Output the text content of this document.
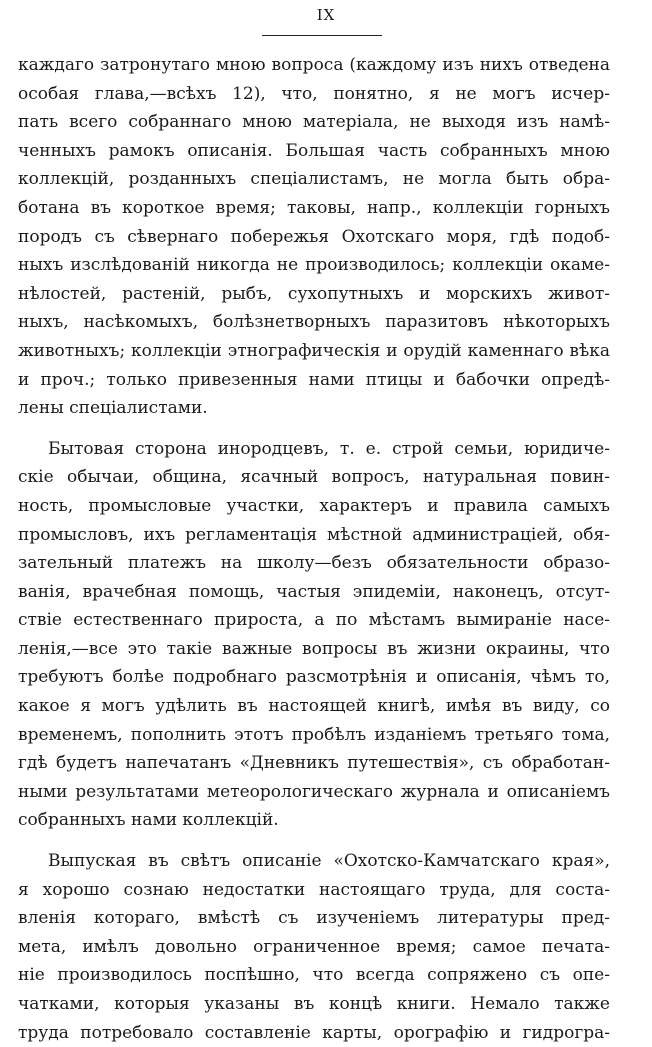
IX
каждаго затронутаго мною вопроса (каждому изъ нихъ отведена
особая глава,—всѣхъ 12), что, понятно, я не могъ исчер-
пать всего собраннаго мною матеріала, не выходя изъ намѣ-
ченныхъ рамокъ описанія. Большая часть собранныхъ мною
коллекцій, розданныхъ спеціалистамъ, не могла быть обра-
ботана въ короткое время; таковы, напр., коллекціи горныхъ
породъ съ сѣвернаго побережья Охотскаго моря, гдѣ подоб-
ныхъ изслѣдованій никогда не производилось; коллекціи окаме-
нѣлостей, растеній, рыбъ, сухопутныхъ и морскихъ живот-
ныхъ, насѣкомыхъ, болѣзнетворныхъ паразитовъ нѣкоторыхъ
животныхъ; коллекціи этнографическія и орудій каменнаго вѣка
и проч.; только привезенныя нами птицы и бабочки опредѣ-
лены спеціалистами.
Бытовая сторона инородцевъ, т. е. строй семьи, юридиче-
скіе обычаи, община, ясачный вопросъ, натуральная повин-
ность, промысловые участки, характеръ и правила самыхъ
промысловъ, ихъ регламентація мѣстной администраціей, обя-
зательный платежъ на школу—безъ обязательности образо-
ванія, врачебная помощь, частыя эпидеміи, наконецъ, отсут-
ствіе естественнаго прироста, а по мѣстамъ вымираніе насе-
ленія,—все это такіе важные вопросы въ жизни окраины, что
требуютъ болѣе подробнаго разсмотрѣнія и описанія, чѣмъ то,
какое я могъ удѣлить въ настоящей книгѣ, имѣя въ виду, со
временемъ, пополнить этотъ пробѣлъ изданіемъ третьяго тома,
гдѣ будетъ напечатанъ «Дневникъ путешествія», съ обработан-
ными результатами метеорологическаго журнала и описаніемъ
собранныхъ нами коллекцій.
Выпуская въ свѣтъ описаніе «Охотско-Камчатскаго края»,
я хорошо сознаю недостатки настоящаго труда, для соста-
вленія котораго, вмѣстѣ съ изученіемъ литературы пред-
мета, имѣлъ довольно ограниченное время; самое печата-
ніе производилось поспѣшно, что всегда сопряжено съ опе-
чатками, которыя указаны въ концѣ книги. Немало также
труда потребовало составленіе карты, орографію и гидрогра-
